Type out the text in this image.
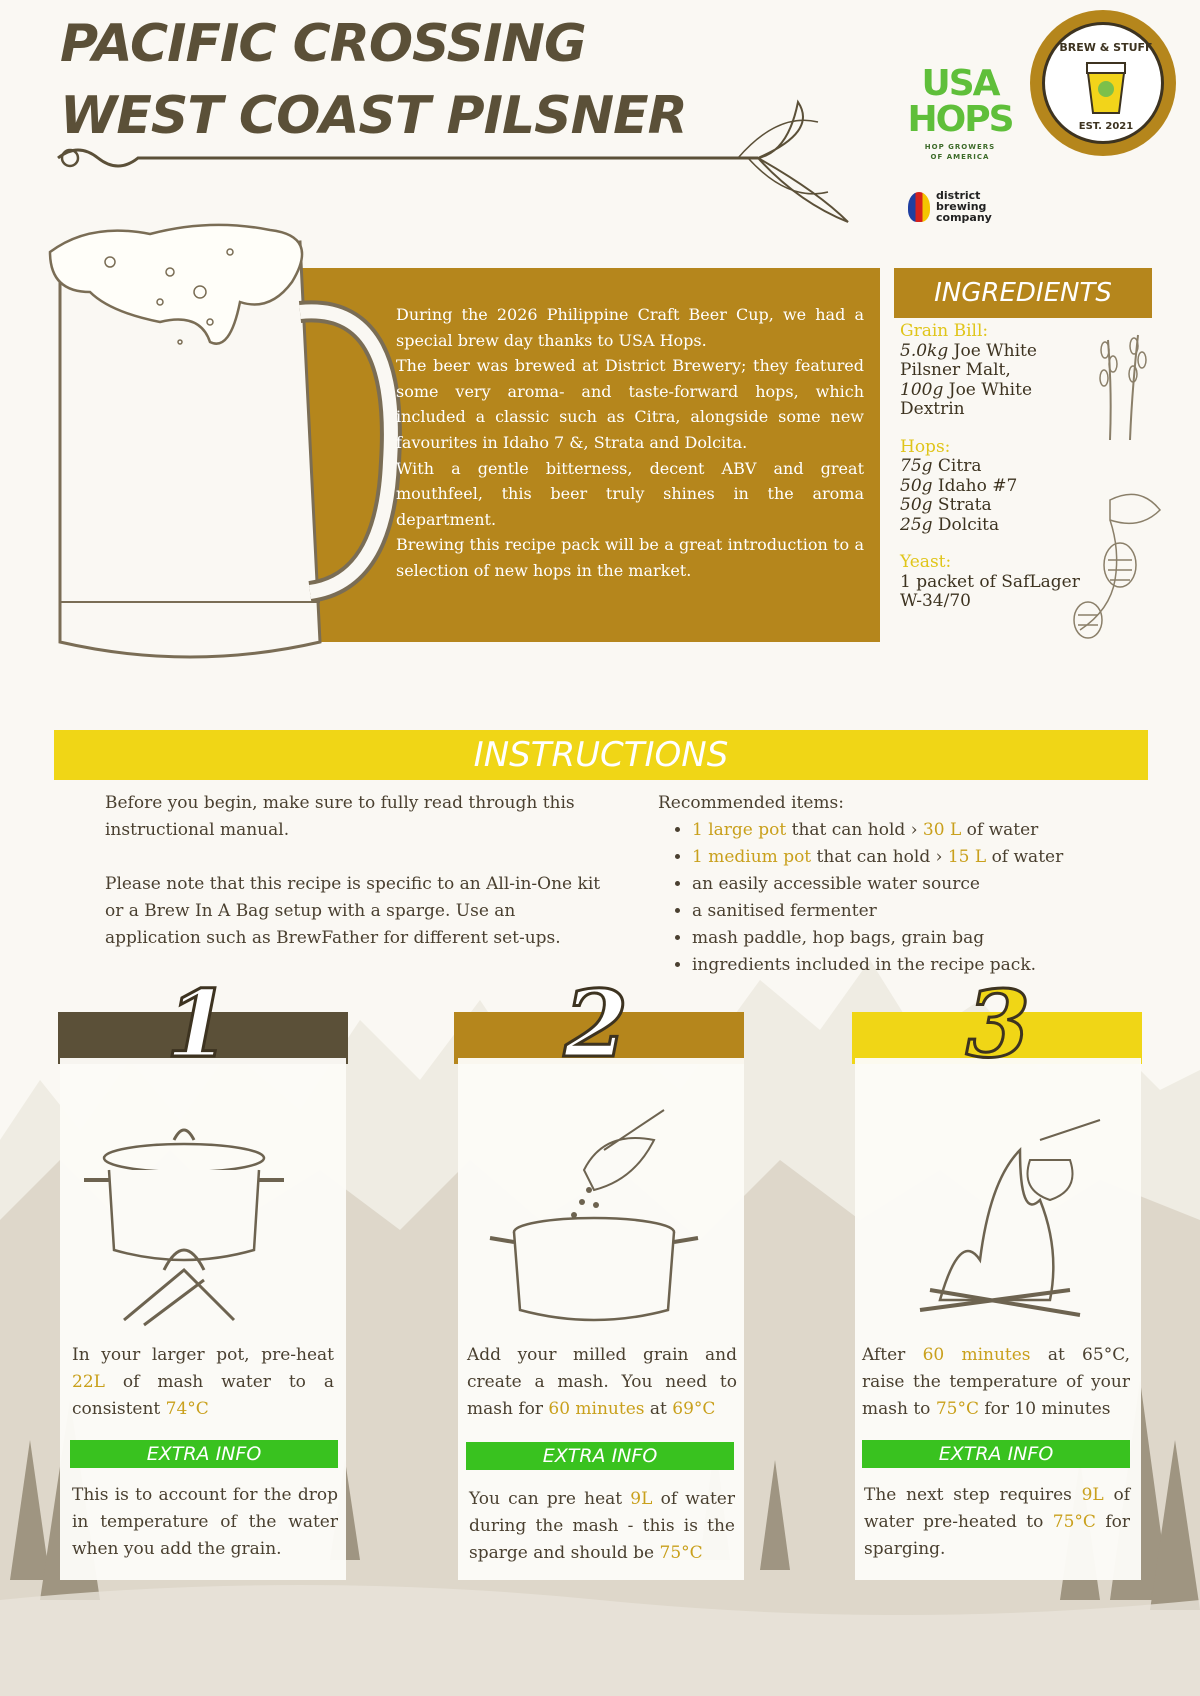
PACIFIC CROSSING
WEST COAST PILSNER
BREW & STUFF
EST. 2021
USA HOPS
HOP GROWERS
OF AMERICA
district
brewing
company

During the 2026 Philippine Craft Beer Cup, we had a special brew day thanks to USA Hops.

The beer was brewed at District Brewery; they featured some very aroma- and taste-forward hops, which included a classic such as Citra, alongside some new favourites in Idaho 7 &, Strata and Dolcita.

With a gentle bitterness, decent ABV and great mouthfeel, this beer truly shines in the aroma department.

Brewing this recipe pack will be a great introduction to a selection of new hops in the market.

INGREDIENTS
Grain Bill:
5.0kg Joe White Pilsner Malt,
100g Joe White Dextrin
Hops:
75g Citra
50g Idaho #7
50g Strata
25g Dolcita
Yeast:
1 packet of SafLager W-34/70
INSTRUCTIONS

Before you begin, make sure to fully read through this instructional manual.

Please note that this recipe is specific to an All-in-One kit or a Brew In A Bag setup with a sparge. Use an application such as BrewFather for different set-ups.

Recommended items:
• 1 large pot that can hold › 30 L of water
• 1 medium pot that can hold › 15 L of water
• an easily accessible water source
• a sanitised fermenter
• mash paddle, hop bags, grain bag
• ingredients included in the recipe pack.
1	2	3
In your larger pot, pre-heat 22L of mash water to a consistent 74°C
EXTRA INFO
This is to account for the drop in temperature of the water when you add the grain.
Add your milled grain and create a mash. You need to mash for 60 minutes at 69°C
EXTRA INFO
You can pre heat 9L of water during the mash - this is the sparge and should be 75°C
After 60 minutes at 65°C, raise the temperature of your mash to 75°C for 10 minutes
EXTRA INFO
The next step requires 9L of water pre-heated to 75°C for sparging.
